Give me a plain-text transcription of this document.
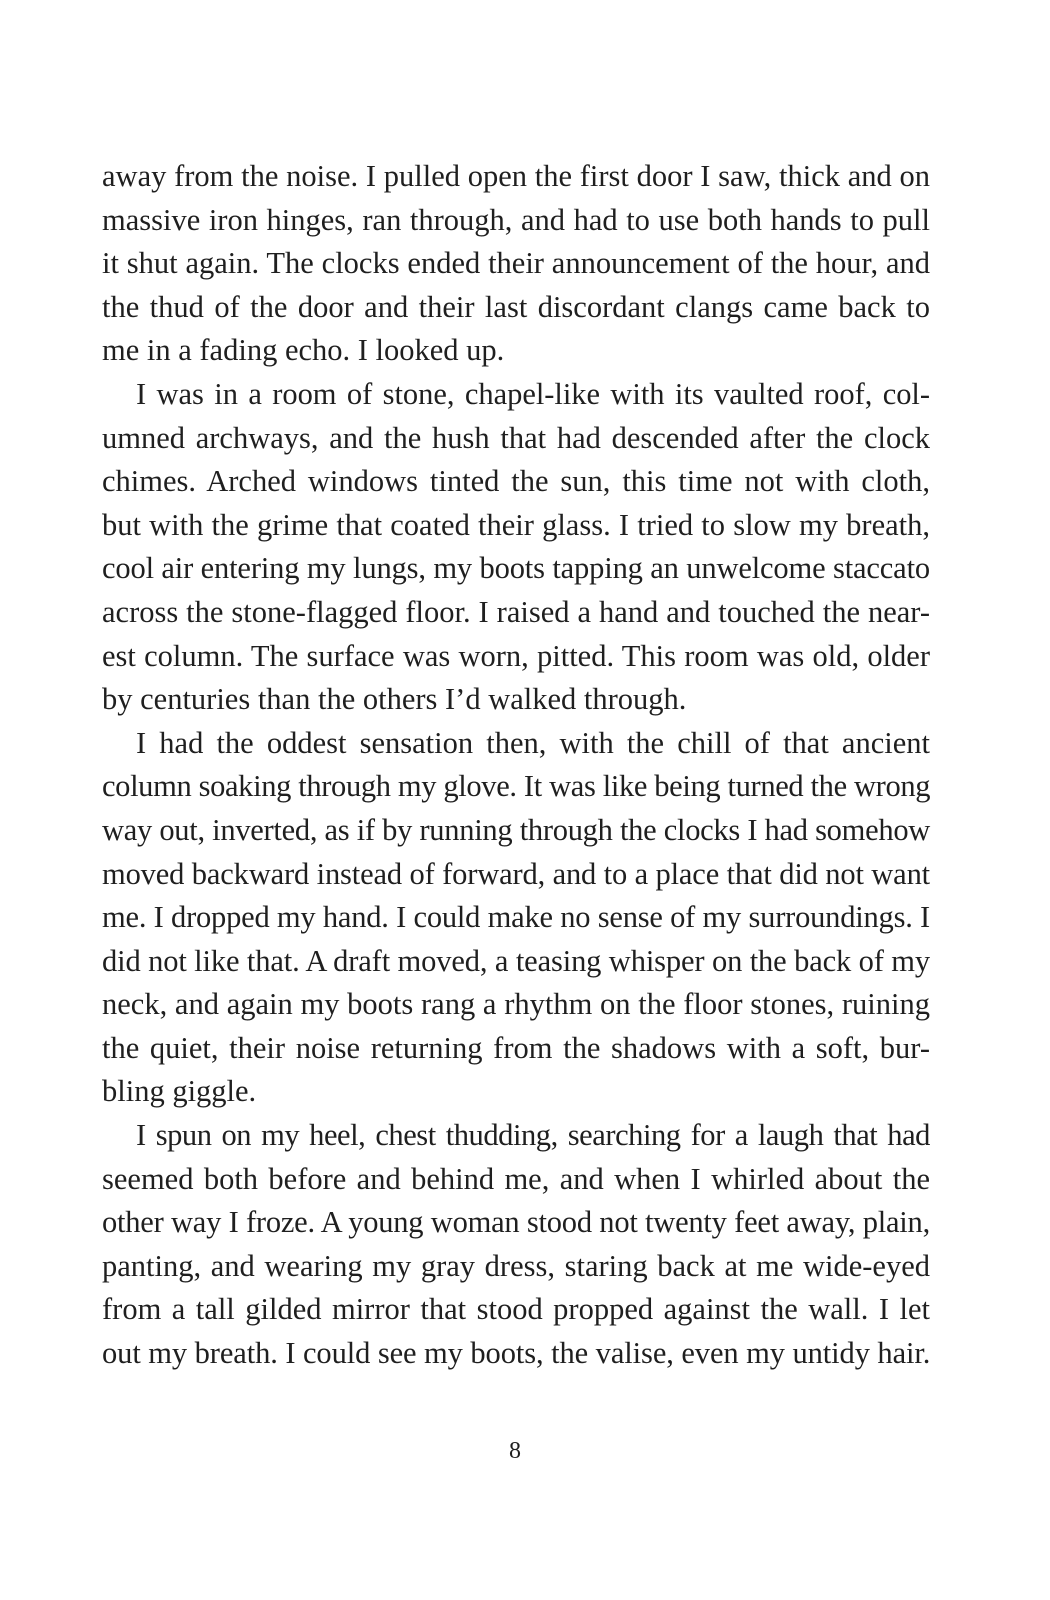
away from the noise. I pulled open the first door I saw, thick and on
massive iron hinges, ran through, and had to use both hands to pull
it shut again. The clocks ended their announcement of the hour, and
the thud of the door and their last discordant clangs came back to
me in a fading echo. I looked up.
I was in a room of stone, chapel-like with its vaulted roof, col-
umned archways, and the hush that had descended after the clock
chimes. Arched windows tinted the sun, this time not with cloth,
but with the grime that coated their glass. I tried to slow my breath,
cool air entering my lungs, my boots tapping an unwelcome staccato
across the stone-flagged floor. I raised a hand and touched the near-
est column. The surface was worn, pitted. This room was old, older
by centuries than the others I’d walked through.
I had the oddest sensation then, with the chill of that ancient
column soaking through my glove. It was like being turned the wrong
way out, inverted, as if by running through the clocks I had somehow
moved backward instead of forward, and to a place that did not want
me. I dropped my hand. I could make no sense of my surroundings. I
did not like that. A draft moved, a teasing whisper on the back of my
neck, and again my boots rang a rhythm on the floor stones, ruining
the quiet, their noise returning from the shadows with a soft, bur-
bling giggle.
I spun on my heel, chest thudding, searching for a laugh that had
seemed both before and behind me, and when I whirled about the
other way I froze. A young woman stood not twenty feet away, plain,
panting, and wearing my gray dress, staring back at me wide-eyed
from a tall gilded mirror that stood propped against the wall. I let
out my breath. I could see my boots, the valise, even my untidy hair.
8
